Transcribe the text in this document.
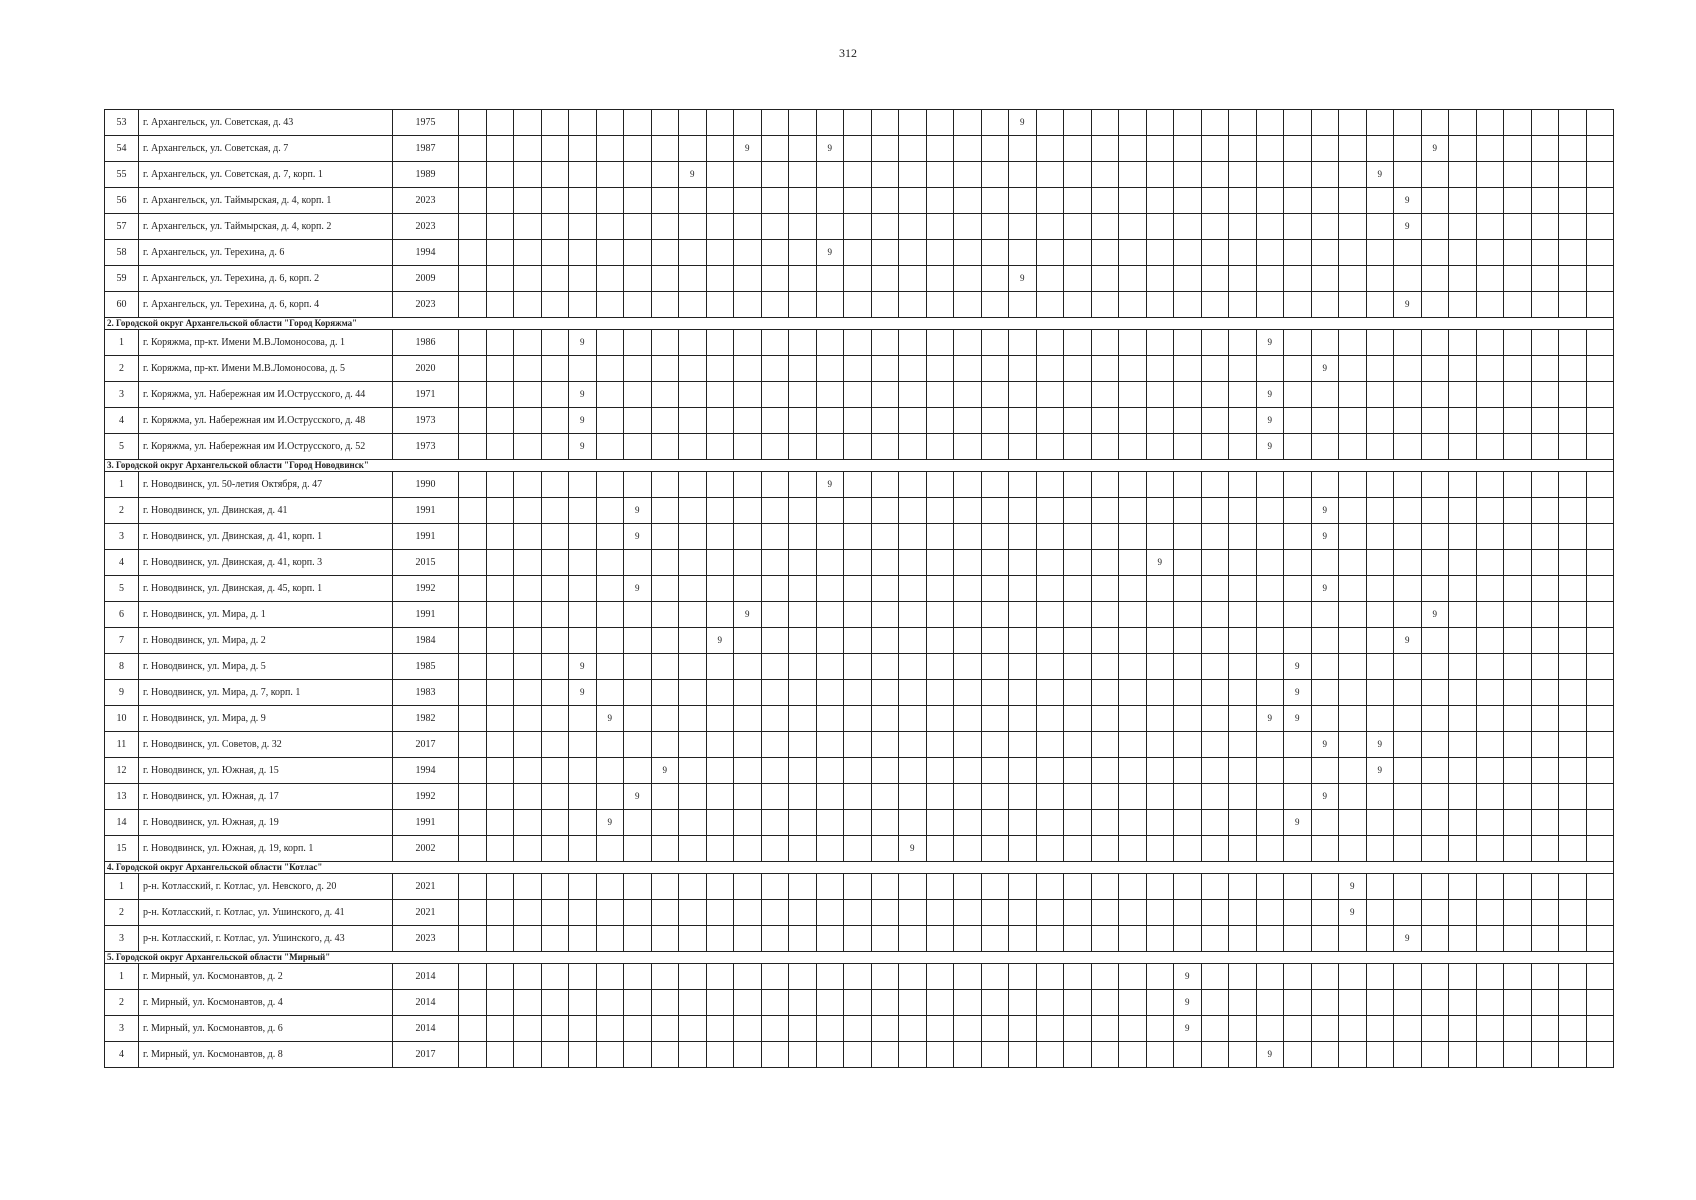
312
53	г. Архангельск, ул. Советская, д. 43	1975																					9																					
54	г. Архангельск, ул. Советская, д. 7	1987											9			9																						9						
55	г. Архангельск, ул. Советская, д. 7, корп. 1	1989									9																									9								
56	г. Архангельск, ул. Таймырская, д. 4, корп. 1	2023																																			9							
57	г. Архангельск, ул. Таймырская, д. 4, корп. 2	2023																																			9							
58	г. Архангельск, ул. Терехина, д. 6	1994														9																												
59	г. Архангельск, ул. Терехина, д. 6, корп. 2	2009																					9																					
60	г. Архангельск, ул. Терехина, д. 6, корп. 4	2023																																			9							
2. Городской округ Архангельской области "Город Коряжма"																																												
1	г. Коряжма, пр-кт. Имени М.В.Ломоносова, д. 1	1986					9																									9												
2	г. Коряжма, пр-кт. Имени М.В.Ломоносова, д. 5	2020																																9										
3	г. Коряжма, ул. Набережная им И.Острусского, д. 44	1971					9																									9												
4	г. Коряжма, ул. Набережная им И.Острусского, д. 48	1973					9																									9												
5	г. Коряжма, ул. Набережная им И.Острусского, д. 52	1973					9																									9												
3. Городской округ Архангельской области "Город Новодвинск"																																												
1	г. Новодвинск, ул. 50-летия Октября, д. 47	1990														9																												
2	г. Новодвинск, ул. Двинская, д. 41	1991							9																									9										
3	г. Новодвинск, ул. Двинская, д. 41, корп. 1	1991							9																									9										
4	г. Новодвинск, ул. Двинская, д. 41, корп. 3	2015																										9																
5	г. Новодвинск, ул. Двинская, д. 45, корп. 1	1992							9																									9										
6	г. Новодвинск, ул. Мира, д. 1	1991											9																									9						
7	г. Новодвинск, ул. Мира, д. 2	1984										9																									9							
8	г. Новодвинск, ул. Мира, д. 5	1985					9																										9											
9	г. Новодвинск, ул. Мира, д. 7, корп. 1	1983					9																										9											
10	г. Новодвинск, ул. Мира, д. 9	1982						9																								9	9											
11	г. Новодвинск, ул. Советов, д. 32	2017																																9		9								
12	г. Новодвинск, ул. Южная, д. 15	1994								9																										9								
13	г. Новодвинск, ул. Южная, д. 17	1992							9																									9										
14	г. Новодвинск, ул. Южная, д. 19	1991						9																									9											
15	г. Новодвинск, ул. Южная, д. 19, корп. 1	2002																	9																									
4. Городской округ Архангельской области "Котлас"																																												
1	р-н. Котласский, г. Котлас, ул. Невского, д. 20	2021																																	9									
2	р-н. Котласский, г. Котлас, ул. Ушинского, д. 41	2021																																	9									
3	р-н. Котласский, г. Котлас, ул. Ушинского, д. 43	2023																																			9							
5. Городской округ Архангельской области "Мирный"																																												
1	г. Мирный, ул. Космонавтов, д. 2	2014																											9															
2	г. Мирный, ул. Космонавтов, д. 4	2014																											9															
3	г. Мирный, ул. Космонавтов, д. 6	2014																											9															
4	г. Мирный, ул. Космонавтов, д. 8	2017																														9												
